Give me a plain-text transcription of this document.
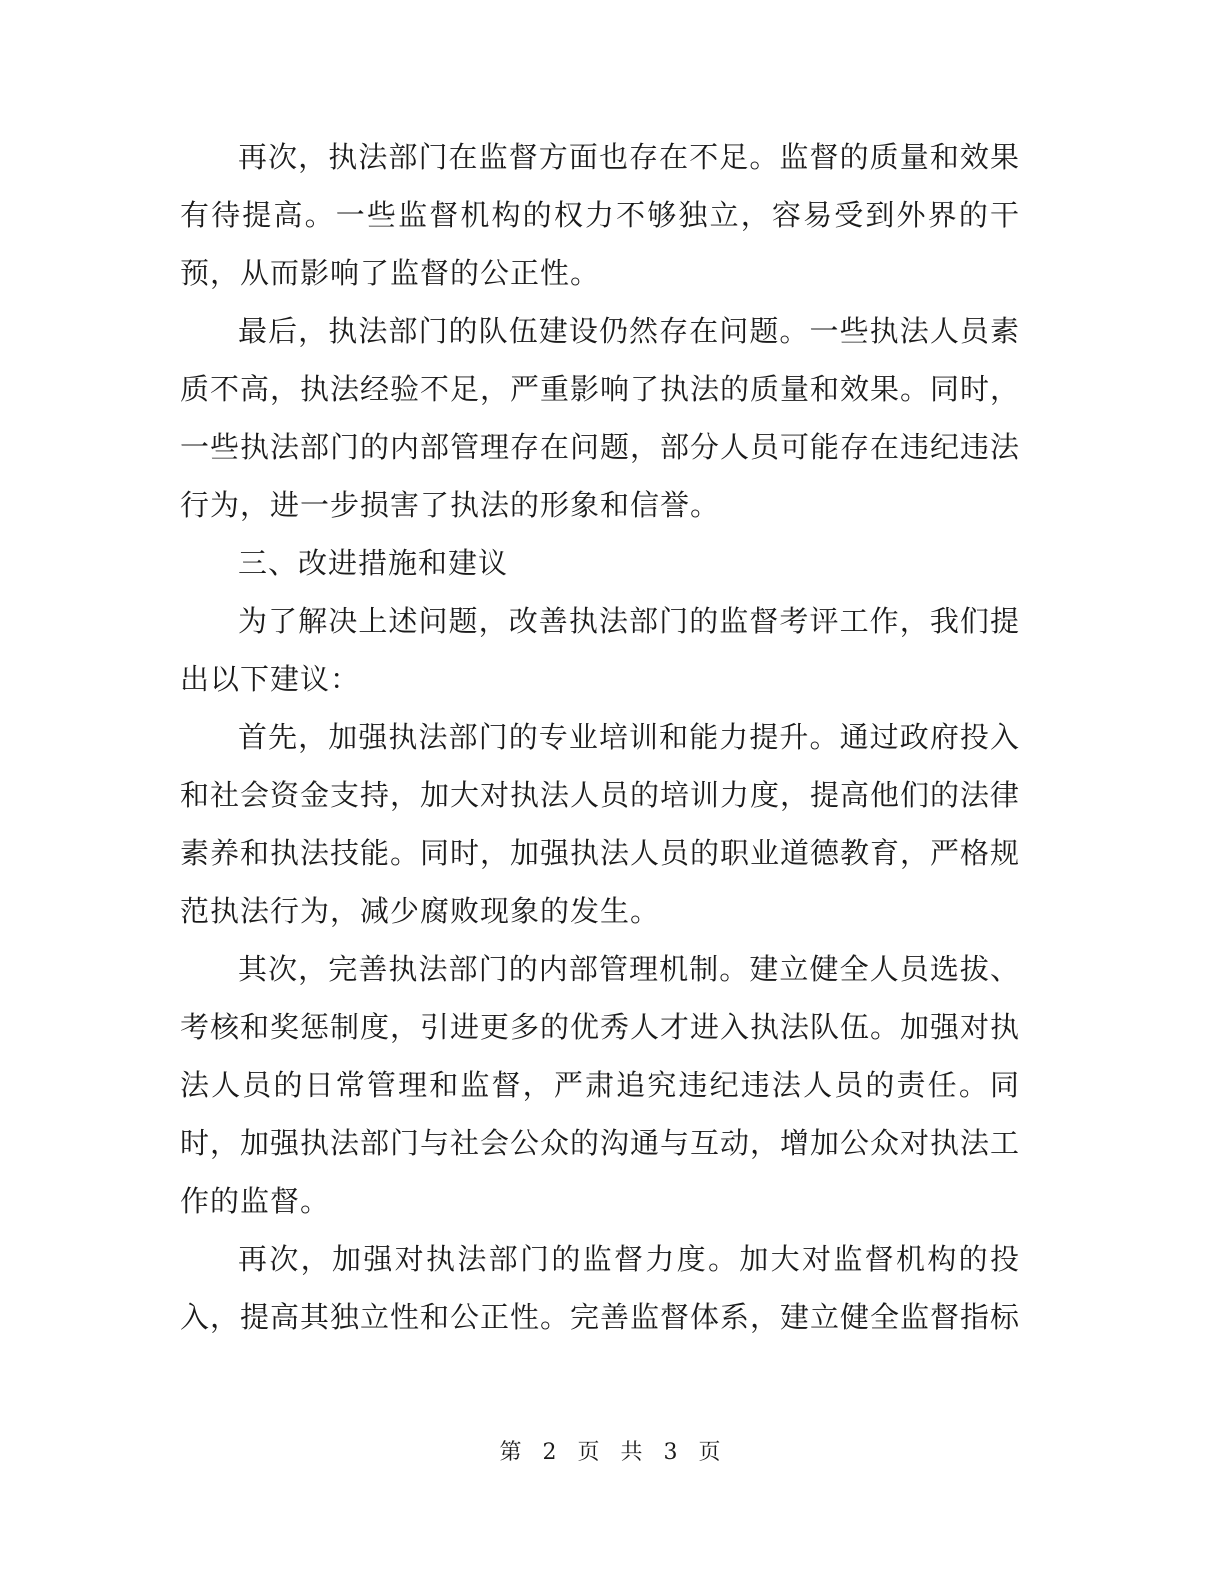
再次，执法部门在监督方面也存在不足。监督的质量和效果有待提高。一些监督机构的权力不够独立，容易受到外界的干预，从而影响了监督的公正性。

最后，执法部门的队伍建设仍然存在问题。一些执法人员素质不高，执法经验不足，严重影响了执法的质量和效果。同时，一些执法部门的内部管理存在问题，部分人员可能存在违纪违法行为，进一步损害了执法的形象和信誉。

三、改进措施和建议

为了解决上述问题，改善执法部门的监督考评工作，我们提出以下建议：

首先，加强执法部门的专业培训和能力提升。通过政府投入和社会资金支持，加大对执法人员的培训力度，提高他们的法律素养和执法技能。同时，加强执法人员的职业道德教育，严格规范执法行为，减少腐败现象的发生。

其次，完善执法部门的内部管理机制。建立健全人员选拔、考核和奖惩制度，引进更多的优秀人才进入执法队伍。加强对执法人员的日常管理和监督，严肃追究违纪违法人员的责任。同时，加强执法部门与社会公众的沟通与互动，增加公众对执法工作的监督。

再次，加强对执法部门的监督力度。加大对监督机构的投入，提高其独立性和公正性。完善监督体系，建立健全监督指标

第 2 页 共 3 页
